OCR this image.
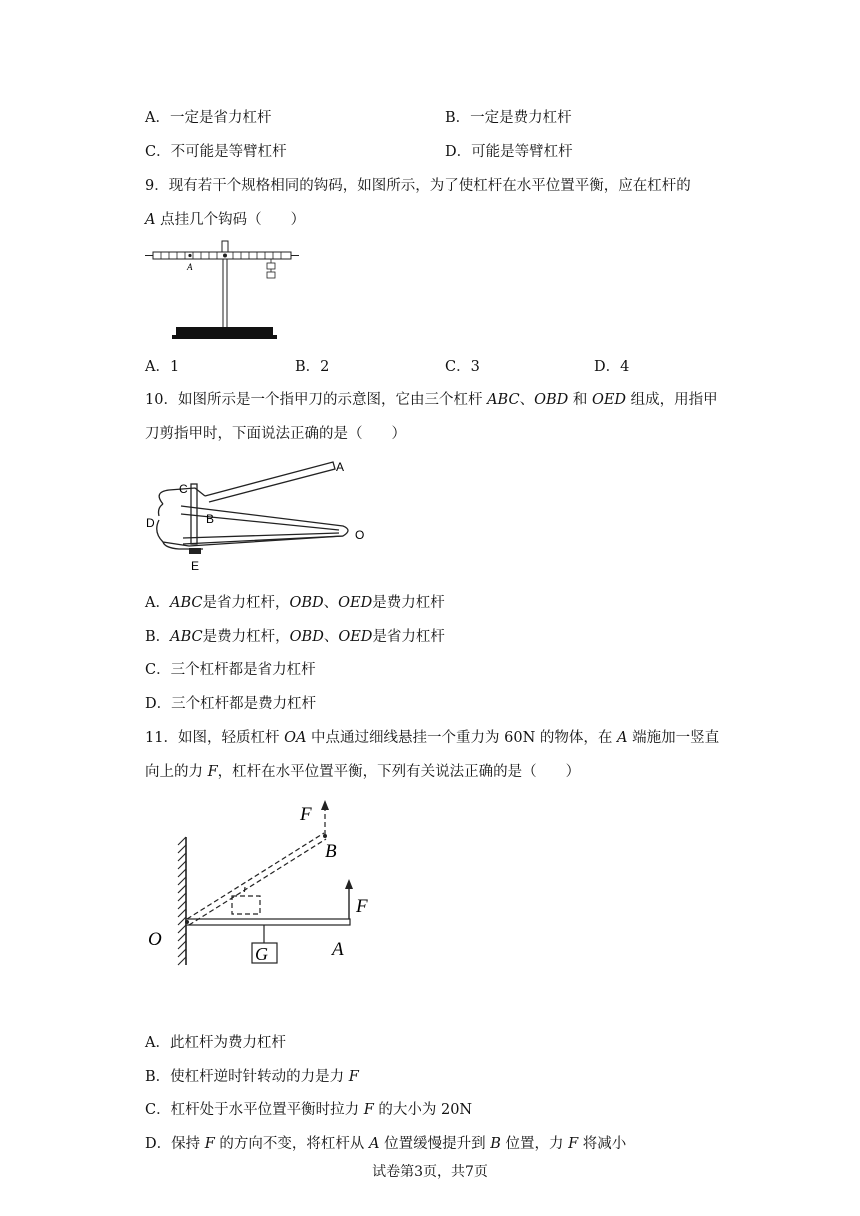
A．一定是省力杠杆	B．一定是费力杠杆
C．不可能是等臂杠杆	D．可能是等臂杠杆
9．现有若干个规格相同的钩码，如图所示，为了使杠杆在水平位置平衡，应在杠杆的
A 点挂几个钩码（　　）
A
A．1	B．2	C．3	D．4
10．如图所示是一个指甲刀的示意图，它由三个杠杆 ABC、OBD 和 OED 组成，用指甲
刀剪指甲时，下面说法正确的是（　　）
C
A
B
D
O
E
A．ABC是省力杠杆，OBD、OED是费力杠杆
B．ABC是费力杠杆，OBD、OED是省力杠杆
C．三个杠杆都是省力杠杆
D．三个杠杆都是费力杠杆
11．如图，轻质杠杆 OA 中点通过细线悬挂一个重力为 60N 的物体，在 A 端施加一竖直
向上的力 F，杠杆在水平位置平衡，下列有关说法正确的是（　　）
F
B
F
O	A
G
A．此杠杆为费力杠杆
B．使杠杆逆时针转动的力是力 F
C．杠杆处于水平位置平衡时拉力 F 的大小为 20N
D．保持 F 的方向不变，将杠杆从 A 位置缓慢提升到 B 位置，力 F 将减小
试卷第3页，共7页
